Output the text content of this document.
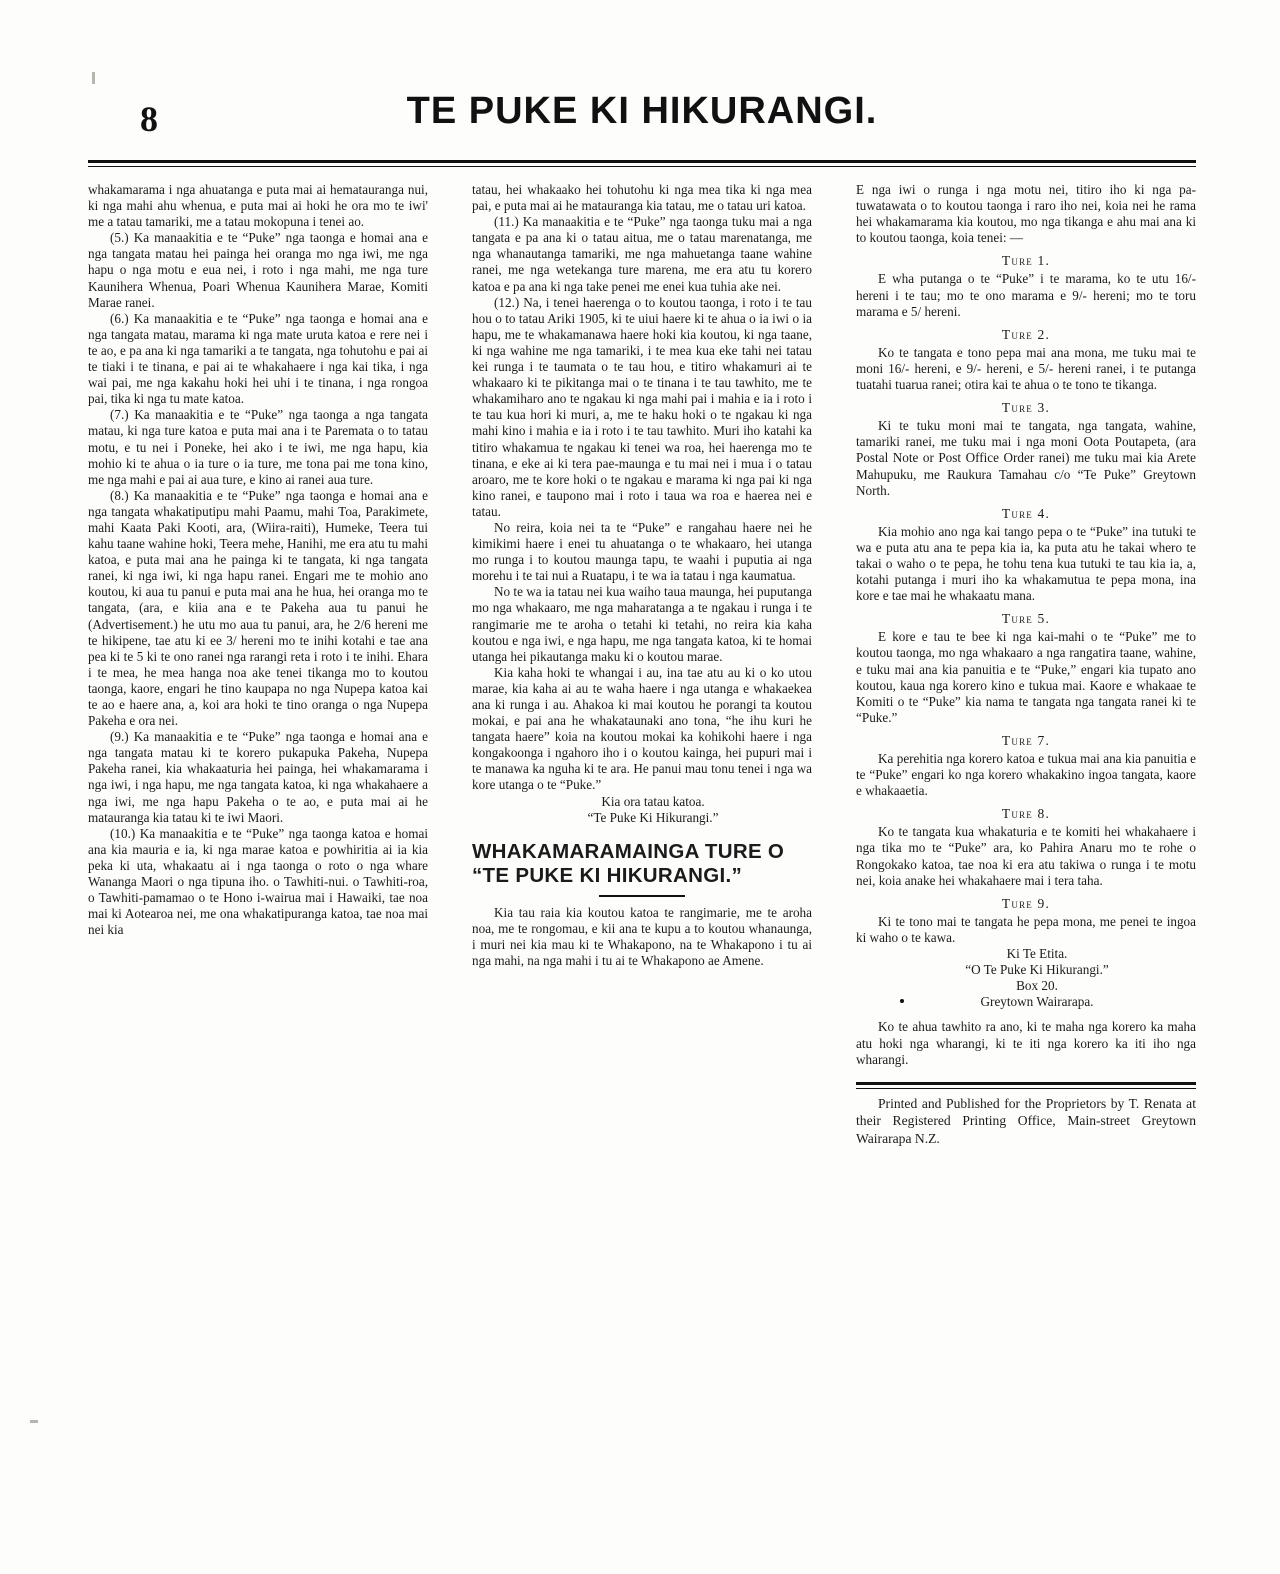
8	TE PUKE KI HIKURANGI.

whakamarama i nga ahuatanga e puta mai ai hematauranga nui, ki nga mahi ahu whenua, e puta mai ai hoki he ora mo te iwi' me a tatau tamariki, me a tatau mokopuna i tenei ao.

(5.) Ka manaakitia e te “Puke” nga taonga e homai ana e nga tangata matau hei painga hei oranga mo nga iwi, me nga hapu o nga motu e eua nei, i roto i nga mahi, me nga ture Kaunihera Whenua, Poari Whenua Kaunihera Marae, Komiti Marae ranei.

(6.) Ka manaakitia e te “Puke” nga taonga e homai ana e nga tangata matau, marama ki nga mate uruta katoa e rere nei i te ao, e pa ana ki nga tamariki a te tangata, nga tohutohu e pai ai te tiaki i te tinana, e pai ai te whakahaere i nga kai tika, i nga wai pai, me nga kakahu hoki hei uhi i te tinana, i nga rongoa pai, tika ki nga tu mate katoa.

(7.) Ka manaakitia e te “Puke” nga taonga a nga tangata matau, ki nga ture katoa e puta mai ana i te Paremata o to tatau motu, e tu nei i Poneke, hei ako i te iwi, me nga hapu, kia mohio ki te ahua o ia ture o ia ture, me tona pai me tona kino, me nga mahi e pai ai aua ture, e kino ai ranei aua ture.

(8.) Ka manaakitia e te “Puke” nga taonga e homai ana e nga tangata whakatiputipu mahi Paamu, mahi Toa, Parakimete, mahi Kaata Paki Kooti, ara, (Wiira-raiti), Humeke, Teera tui kahu taane wahine hoki, Teera mehe, Hanihi, me era atu tu mahi katoa, e puta mai ana he painga ki te tangata, ki nga tangata ranei, ki nga iwi, ki nga hapu ranei. Engari me te mohio ano koutou, ki aua tu panui e puta mai ana he hua, hei oranga mo te tangata, (ara, e kiia ana e te Pakeha aua tu panui he (Advertisement.) he utu mo aua tu panui, ara, he 2/6 hereni me te hikipene, tae atu ki ee 3/ hereni mo te inihi kotahi e tae ana pea ki te 5 ki te ono ranei nga rarangi reta i roto i te inihi. Ehara i te mea, he mea hanga noa ake tenei tikanga mo to koutou taonga, kaore, engari he tino kaupapa no nga Nupepa katoa kai te ao e haere ana, a, koi ara hoki te tino oranga o nga Nupepa Pakeha e ora nei.

(9.) Ka manaakitia e te “Puke” nga taonga e homai ana e nga tangata matau ki te korero pukapuka Pakeha, Nupepa Pakeha ranei, kia whakaaturia hei painga, hei whakamarama i nga iwi, i nga hapu, me nga tangata katoa, ki nga whakahaere a nga iwi, me nga hapu Pakeha o te ao, e puta mai ai he matauranga kia tatau ki te iwi Maori.

(10.) Ka manaakitia e te “Puke” nga taonga katoa e homai ana kia mauria e ia, ki nga marae katoa e powhiritia ai ia kia peka ki uta, whakaatu ai i nga taonga o roto o nga whare Wananga Maori o nga tipuna iho. o Tawhiti-nui. o Tawhiti-roa, o Tawhiti-pamamao o te Hono i-wairua mai i Hawaiki, tae noa mai ki Aotearoa nei, me ona whakatipuranga katoa, tae noa mai nei kia

tatau, hei whakaako hei tohutohu ki nga mea tika ki nga mea pai, e puta mai ai he matauranga kia tatau, me o tatau uri katoa.

(11.) Ka manaakitia e te “Puke” nga taonga tuku mai a nga tangata e pa ana ki o tatau aitua, me o tatau marenatanga, me nga whanautanga tamariki, me nga mahuetanga taane wahine ranei, me nga wetekanga ture marena, me era atu tu korero katoa e pa ana ki nga take penei me enei kua tuhia ake nei.

(12.) Na, i tenei haerenga o to koutou taonga, i roto i te tau hou o to tatau Ariki 1905, ki te uiui haere ki te ahua o ia iwi o ia hapu, me te whakamanawa haere hoki kia koutou, ki nga taane, ki nga wahine me nga tamariki, i te mea kua eke tahi nei tatau kei runga i te taumata o te tau hou, e titiro whakamuri ai te whakaaro ki te pikitanga mai o te tinana i te tau tawhito, me te whakamiharo ano te ngakau ki nga mahi pai i mahia e ia i roto i te tau kua hori ki muri, a, me te haku hoki o te ngakau ki nga mahi kino i mahia e ia i roto i te tau tawhito. Muri iho katahi ka titiro whakamua te ngakau ki tenei wa roa, hei haerenga mo te tinana, e eke ai ki tera pae-maunga e tu mai nei i mua i o tatau aroaro, me te kore hoki o te ngakau e marama ki nga pai ki nga kino ranei, e taupono mai i roto i taua wa roa e haerea nei e tatau.

No reira, koia nei ta te “Puke” e rangahau haere nei he kimikimi haere i enei tu ahuatanga o te whakaaro, hei utanga mo runga i to koutou maunga tapu, te waahi i puputia ai nga morehu i te tai nui a Ruatapu, i te wa ia tatau i nga kaumatua.

No te wa ia tatau nei kua waiho taua maunga, hei puputanga mo nga whakaaro, me nga maharatanga a te ngakau i runga i te rangimarie me te aroha o tetahi ki tetahi, no reira kia kaha koutou e nga iwi, e nga hapu, me nga tangata katoa, ki te homai utanga hei pikautanga maku ki o koutou marae.

Kia kaha hoki te whangai i au, ina tae atu au ki o ko utou marae, kia kaha ai au te waha haere i nga utanga e whakaekea ana ki runga i au. Ahakoa ki mai koutou he porangi ta koutou mokai, e pai ana he whakataunaki ano tona, “he ihu kuri he tangata haere” koia na koutou mokai ka kohikohi haere i nga kongakoonga i ngahoro iho i o koutou kainga, hei pupuri mai i te manawa ka nguha ki te ara. He panui mau tonu tenei i nga wa kore utanga o te “Puke.”

Kia ora tatau katoa.

“Te Puke Ki Hikurangi.”

WHAKAMARAMAINGA TURE O “TE PUKE KI HIKURANGI.”

Kia tau raia kia koutou katoa te rangimarie, me te aroha noa, me te rongomau, e kii ana te kupu a to koutou whanaunga, i muri nei kia mau ki te Whakapono, na te Whakapono i tu ai nga mahi, na nga mahi i tu ai te Whakapono ae Amene.

E nga iwi o runga i nga motu nei, titiro iho ki nga pa-tuwatawata o to koutou taonga i raro iho nei, koia nei he rama hei whakamarama kia koutou, mo nga tikanga e ahu mai ana ki to koutou taonga, koia tenei: —

Ture 1.

E wha putanga o te “Puke” i te marama, ko te utu 16/- hereni i te tau; mo te ono marama e 9/- hereni; mo te toru marama e 5/ hereni.

Ture 2.

Ko te tangata e tono pepa mai ana mona, me tuku mai te moni 16/- hereni, e 9/- hereni, e 5/- hereni ranei, i te putanga tuatahi tuarua ranei; otira kai te ahua o te tono te tikanga.

Ture 3.

Ki te tuku moni mai te tangata, nga tangata, wahine, tamariki ranei, me tuku mai i nga moni Oota Poutapeta, (ara Postal Note or Post Office Order ranei) me tuku mai kia Arete Mahupuku, me Raukura Tamahau c/o “Te Puke” Greytown North.

Ture 4.

Kia mohio ano nga kai tango pepa o te “Puke” ina tutuki te wa e puta atu ana te pepa kia ia, ka puta atu he takai whero te takai o waho o te pepa, he tohu tena kua tutuki te tau kia ia, a, kotahi putanga i muri iho ka whakamutua te pepa mona, ina kore e tae mai he whakaatu mana.

Ture 5.

E kore e tau te bee ki nga kai-mahi o te “Puke” me to koutou taonga, mo nga whakaaro a nga rangatira taane, wahine, e tuku mai ana kia panuitia e te “Puke,” engari kia tupato ano koutou, kaua nga korero kino e tukua mai. Kaore e whakaae te Komiti o te “Puke” kia nama te tangata nga tangata ranei ki te “Puke.”

Ture 7.

Ka perehitia nga korero katoa e tukua mai ana kia panuitia e te “Puke” engari ko nga korero whakakino ingoa tangata, kaore e whakaaetia.

Ture 8.

Ko te tangata kua whakaturia e te komiti hei whakahaere i nga tika mo te “Puke” ara, ko Pahira Anaru mo te rohe o Rongokako katoa, tae noa ki era atu takiwa o runga i te motu nei, koia anake hei whakahaere mai i tera taha.

Ture 9.

Ki te tono mai te tangata he pepa mona, me penei te ingoa ki waho o te kawa.

Ki Te Etita.

“O Te Puke Ki Hikurangi.”

Box 20.

Greytown Wairarapa.

Ko te ahua tawhito ra ano, ki te maha nga korero ka maha atu hoki nga wharangi, ki te iti nga korero ka iti iho nga wharangi.

Printed and Published for the Proprietors by T. Renata at their Registered Printing Office, Main-street Greytown Wairarapa N.Z.
